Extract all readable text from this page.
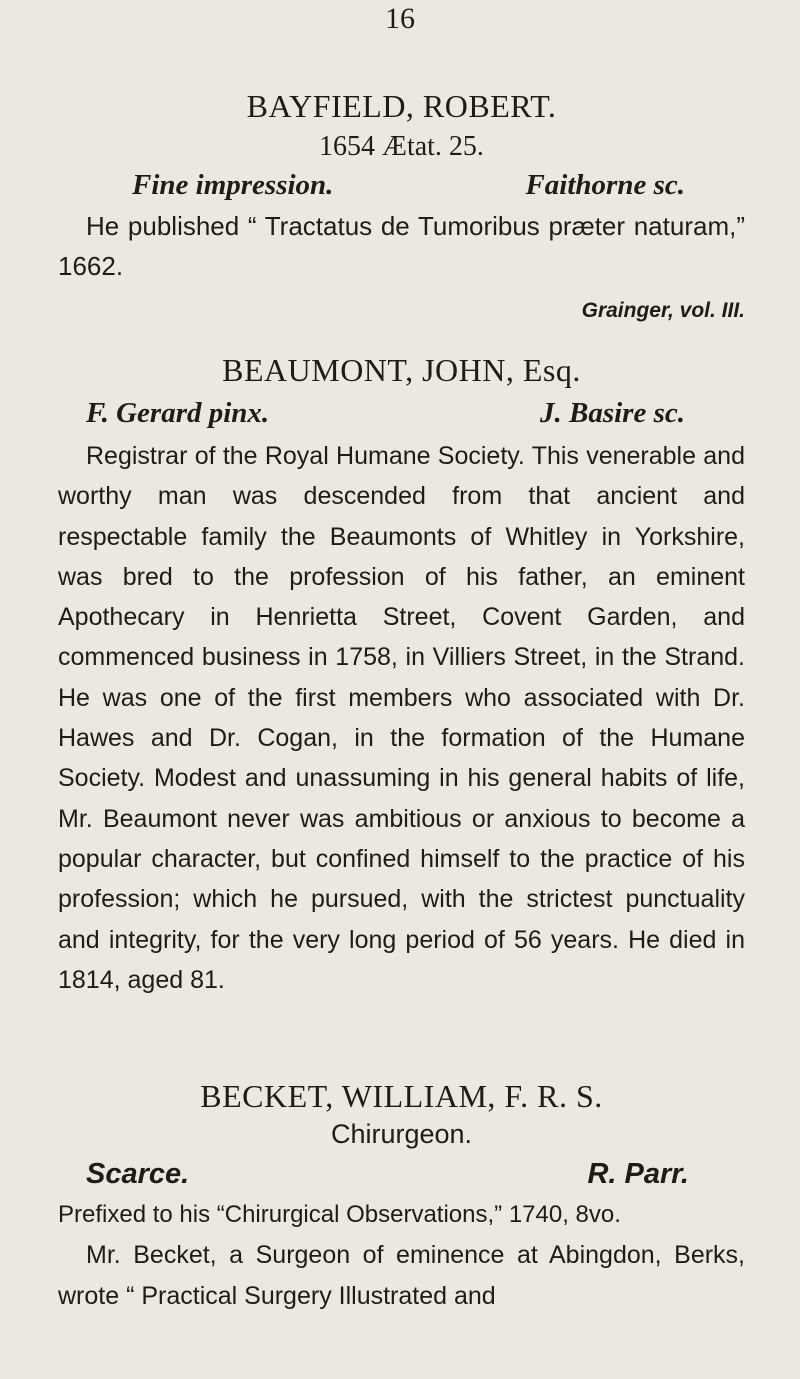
16
BAYFIELD, ROBERT.
1654 Ætat. 25.
Fine impression.	Faithorne sc.
He published “ Tractatus de Tumoribus præter naturam,” 1662.
Grainger, vol. III.
BEAUMONT, JOHN, Esq.
F. Gerard pinx.	J. Basire sc.
Registrar of the Royal Humane Society. This venerable and worthy man was descended from that ancient and respectable family the Beaumonts of Whitley in Yorkshire, was bred to the profession of his father, an eminent Apothecary in Henrietta Street, Covent Garden, and commenced business in 1758, in Villiers Street, in the Strand. He was one of the first members who associated with Dr. Hawes and Dr. Cogan, in the formation of the Humane Society. Modest and unassuming in his general habits of life, Mr. Beaumont never was ambitious or anxious to become a popular character, but confined himself to the practice of his profession; which he pursued, with the strictest punctuality and integrity, for the very long period of 56 years. He died in 1814, aged 81.
BECKET, WILLIAM, F. R. S.
Chirurgeon.
Scarce.	R. Parr.
Prefixed to his “Chirurgical Observations,” 1740, 8vo.
Mr. Becket, a Surgeon of eminence at Abingdon, Berks, wrote “ Practical Surgery Illustrated and
